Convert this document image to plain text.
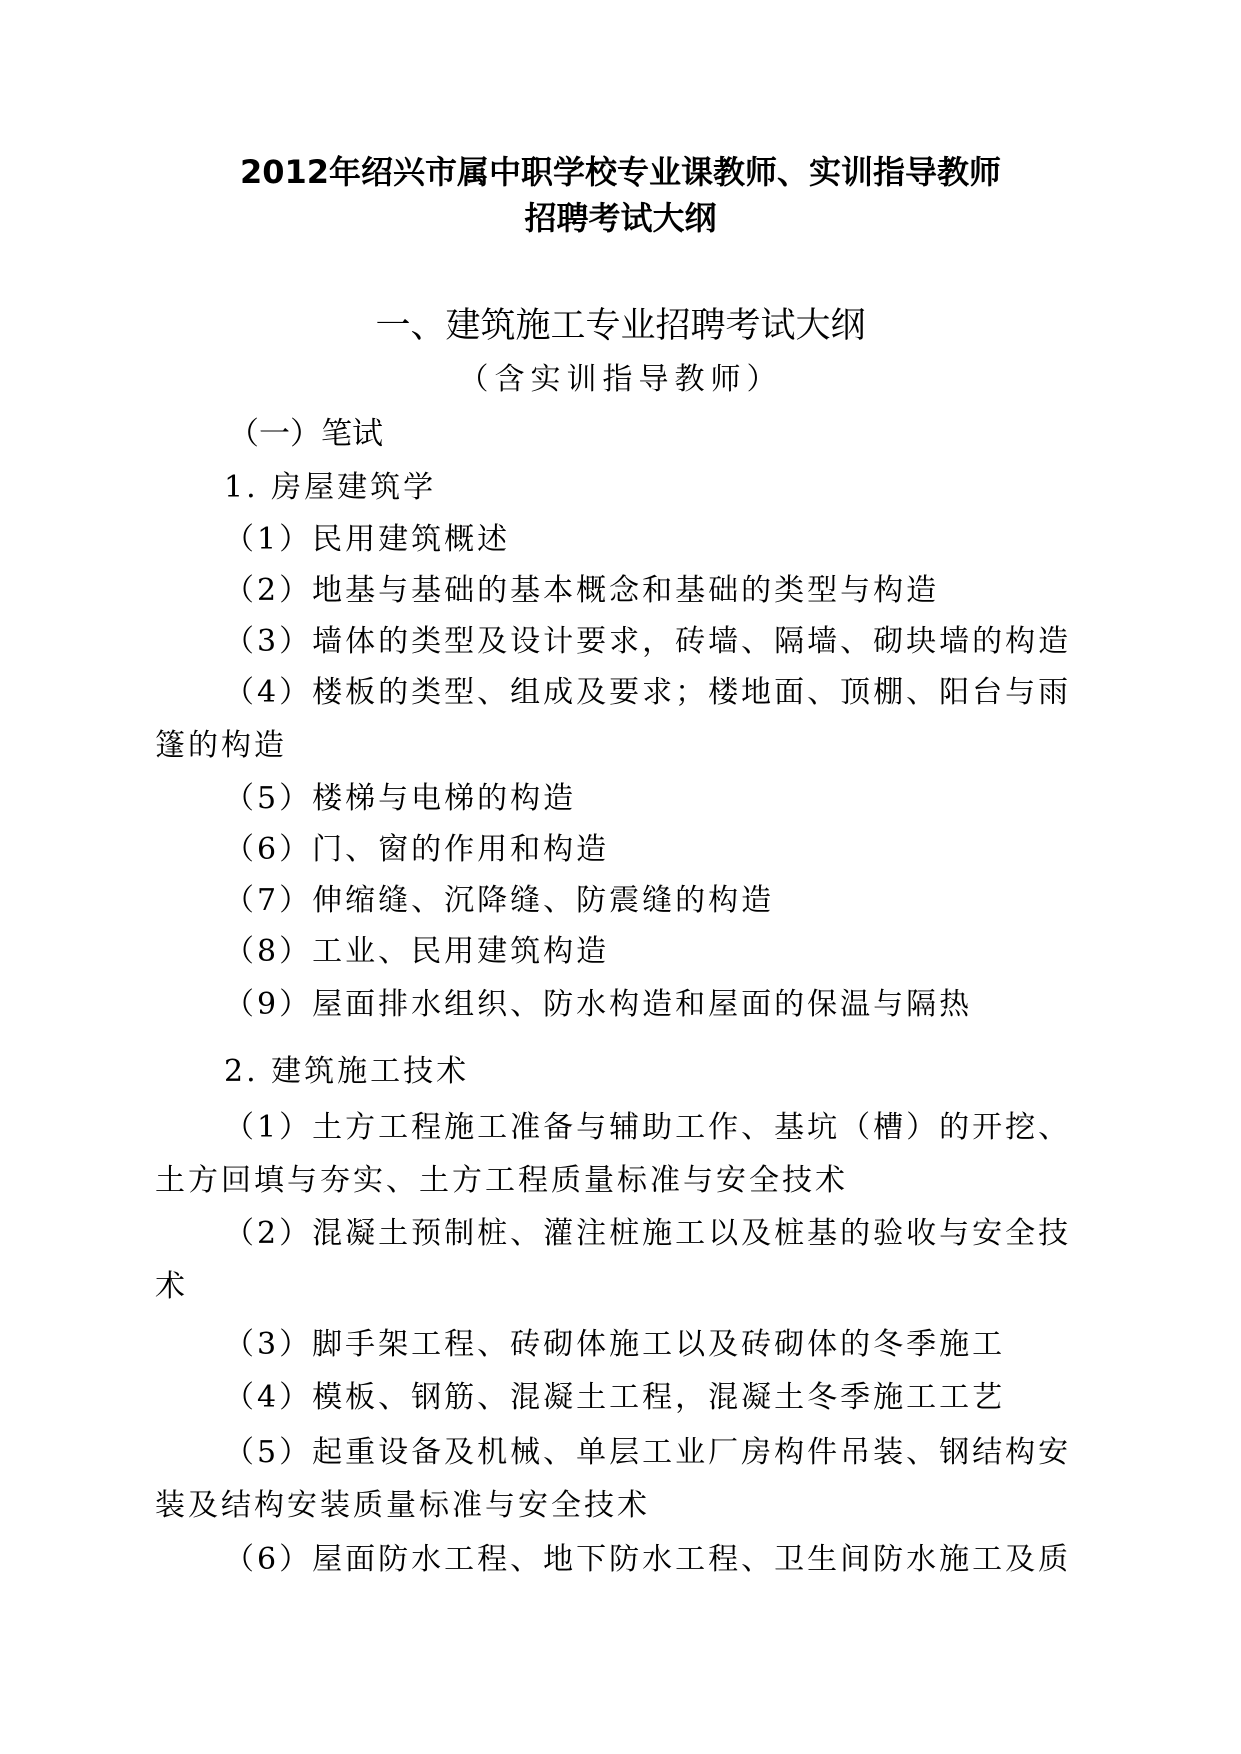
2012年绍兴市属中职学校专业课教师、实训指导教师
招聘考试大纲
一、建筑施工专业招聘考试大纲
（含实训指导教师）
（一）笔试
1. 房屋建筑学
（1）民用建筑概述
（2）地基与基础的基本概念和基础的类型与构造
（3）墙体的类型及设计要求，砖墙、隔墙、砌块墙的构造
（4）楼板的类型、组成及要求；楼地面、顶棚、阳台与雨
篷的构造
（5）楼梯与电梯的构造
（6）门、窗的作用和构造
（7）伸缩缝、沉降缝、防震缝的构造
（8）工业、民用建筑构造
（9）屋面排水组织、防水构造和屋面的保温与隔热
2. 建筑施工技术
（1）土方工程施工准备与辅助工作、基坑（槽）的开挖、
土方回填与夯实、土方工程质量标准与安全技术
（2）混凝土预制桩、灌注桩施工以及桩基的验收与安全技
术
（3）脚手架工程、砖砌体施工以及砖砌体的冬季施工
（4）模板、钢筋、混凝土工程，混凝土冬季施工工艺
（5）起重设备及机械、单层工业厂房构件吊装、钢结构安
装及结构安装质量标准与安全技术
（6）屋面防水工程、地下防水工程、卫生间防水施工及质
